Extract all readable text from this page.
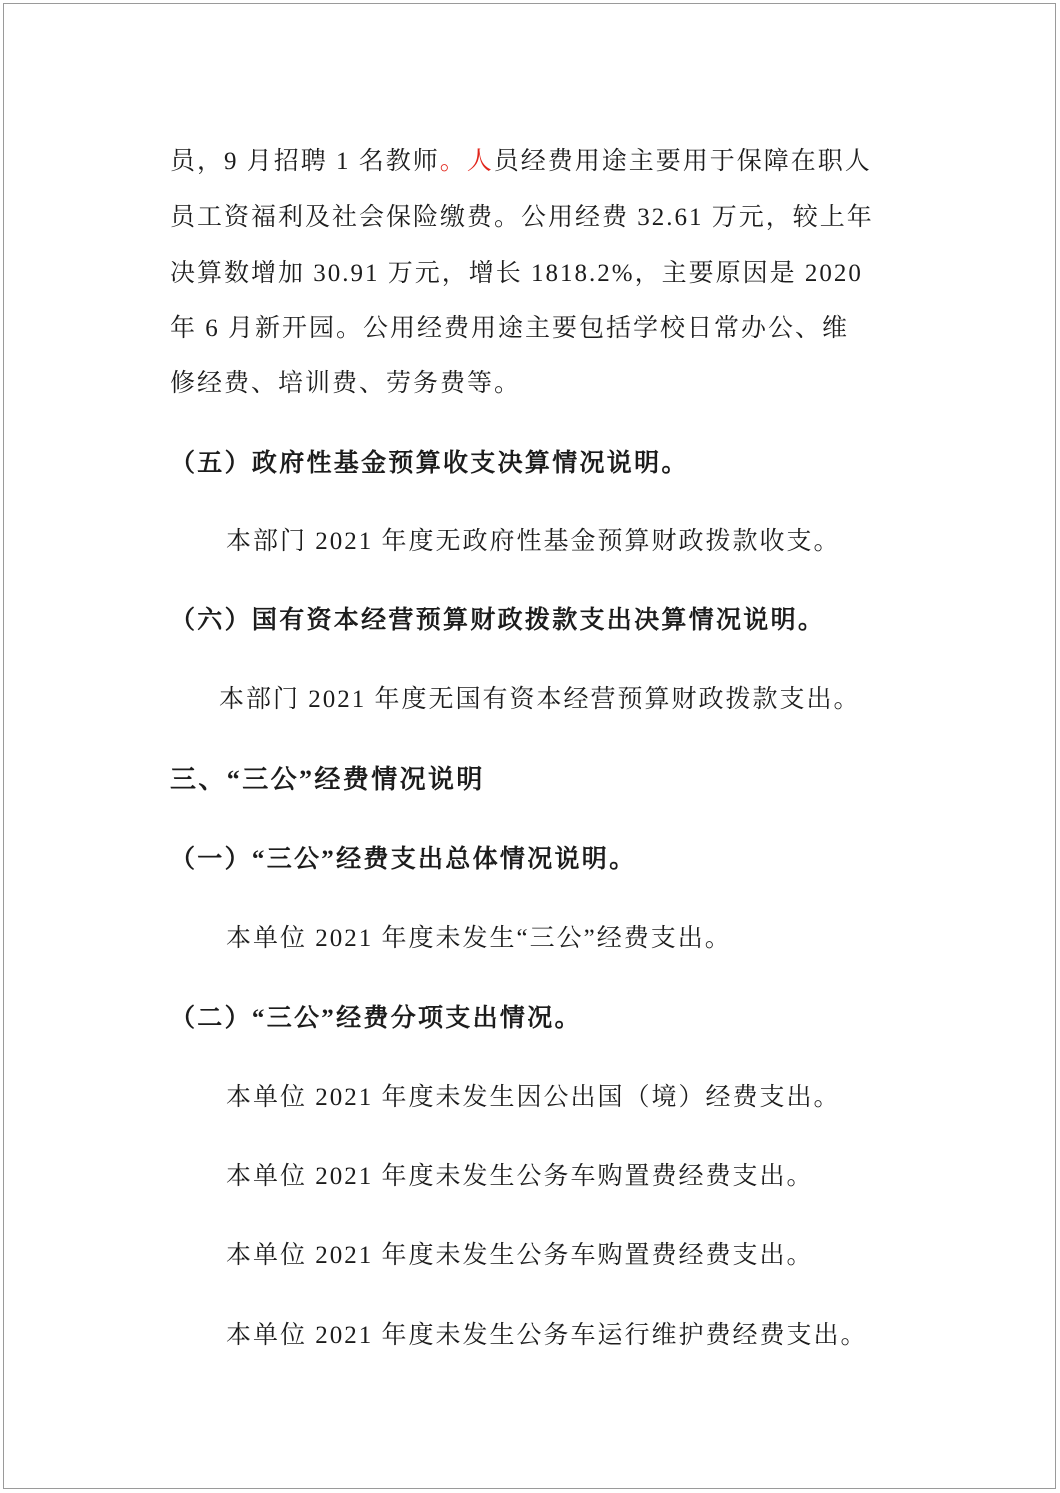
员，9 月招聘 1 名教师。人员经费用途主要用于保障在职人
员工资福利及社会保险缴费。公用经费 32.61 万元，较上年
决算数增加 30.91 万元，增长 1818.2%，主要原因是 2020
年 6 月新开园。公用经费用途主要包括学校日常办公、维
修经费、培训费、劳务费等。
（五）政府性基金预算收支决算情况说明。
本部门 2021 年度无政府性基金预算财政拨款收支。
（六）国有资本经营预算财政拨款支出决算情况说明。
本部门 2021 年度无国有资本经营预算财政拨款支出。
三、“三公”经费情况说明
（一）“三公”经费支出总体情况说明。
本单位 2021 年度未发生“三公”经费支出。
（二）“三公”经费分项支出情况。
本单位 2021 年度未发生因公出国（境）经费支出。
本单位 2021 年度未发生公务车购置费经费支出。
本单位 2021 年度未发生公务车购置费经费支出。
本单位 2021 年度未发生公务车运行维护费经费支出。
